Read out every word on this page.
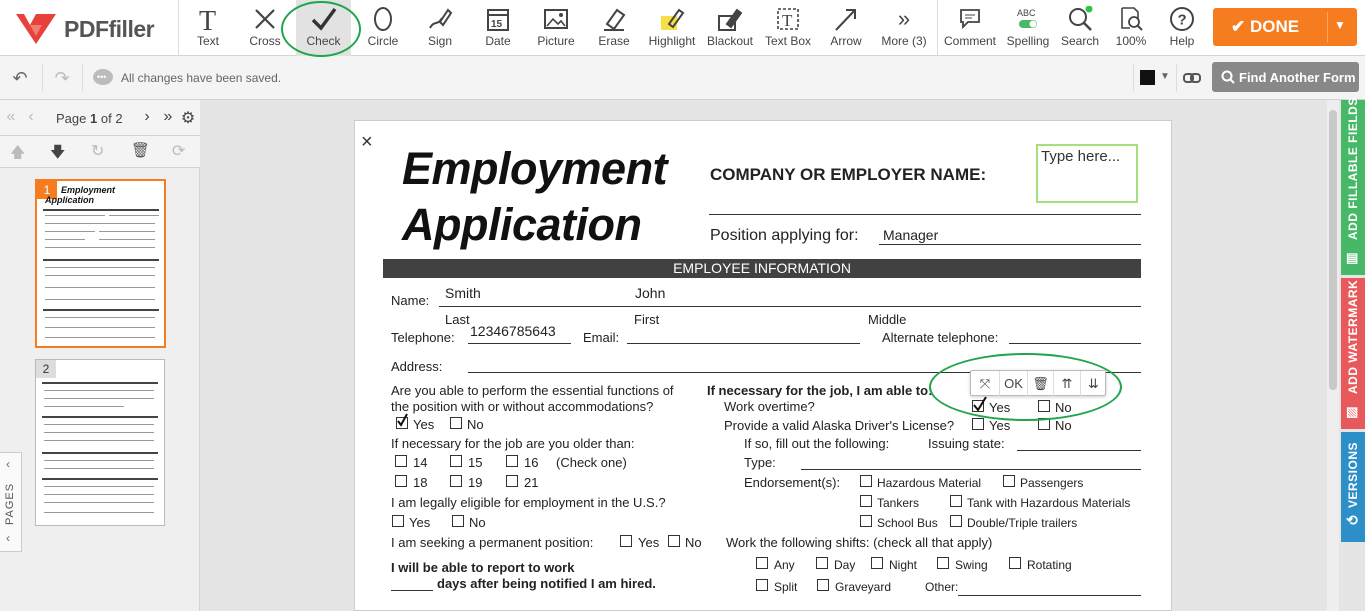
PDFfiller T
Text	Cross	Check	Circle	Sign
15
Date	Picture	Erase	Highlight Blackout
T
Text Box	Arrow
»
More (3) Comment
ABC
Spelling Search	100%
?
Help
✔ DONE	▼
↶ ↷	••• All changes have been saved.	▼	Find Another Form
« ‹	Page 1 of 2	› » ⚙
🡅 🡇 ↻ 🗑 ⟳
1	Employment
Application
2
‹
PAGES
‹
×
Employment
Application
COMPANY OR EMPLOYER NAME:
Type here...
Position applying for: Manager
EMPLOYEE INFORMATION
Name: Smith	John
Last	First	Middle
Telephone: 12346785643 Email:	Alternate telephone:
Address:
Are you able to perform the essential functions of
the position with or without accommodations?
Yes	No
If necessary for the job are you older than:
14	15	16 (Check one)
18	19	21
I am legally eligible for employment in the U.S.?
Yes	No
I am seeking a permanent position:	Yes No
I will be able to report to work
days after being notified I am hired.
If necessary for the job, I am able to:
Work overtime?	Yes	No
Provide a valid Alaska Driver's License?	Yes	No
If so, fill out the following:	Issuing state:
Type:
Endorsement(s):	Hazardous Material	Passengers
Tankers	Tank with Hazardous Materials
School Bus Double/Triple trailers
Work the following shifts: (check all that apply)
Any	Day	Night	Swing	Rotating
Split	Graveyard	Other:
⤧	OK 🗑 ⇈	⇊
ADD FILLABLE FIELDS
▤
ADD WATERMARK
▧
VERSIONS
⟲
